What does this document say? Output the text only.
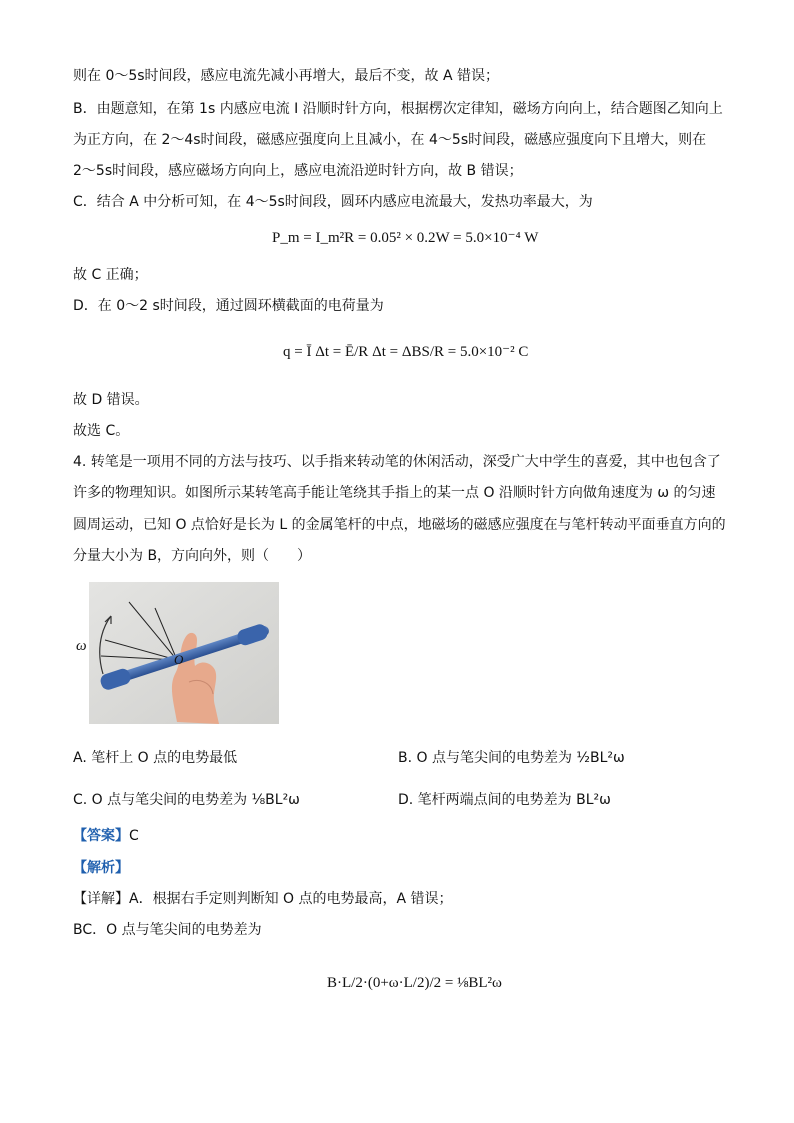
则在 0～5s时间段，感应电流先减小再增大，最后不变，故 A 错误；
B．由题意知，在第 1s 内感应电流 I 沿顺时针方向，根据楞次定律知，磁场方向向上，结合题图乙知向上
为正方向，在 2～4s时间段，磁感应强度向上且减小，在 4～5s时间段，磁感应强度向下且增大，则在
2～5s时间段，感应磁场方向向上，感应电流沿逆时针方向，故 B 错误；
C．结合 A 中分析可知，在 4～5s时间段，圆环内感应电流最大，发热功率最大，为
P_m = I_m²R = 0.05² × 0.2W = 5.0×10⁻⁴ W
故 C 正确；
D．在 0～2 s时间段，通过圆环横截面的电荷量为
q = Ī Δt = Ē/R Δt = ΔBS/R = 5.0×10⁻² C
故 D 错误。
故选 C。
4. 转笔是一项用不同的方法与技巧、以手指来转动笔的休闲活动，深受广大中学生的喜爱，其中也包含了
许多的物理知识。如图所示某转笔高手能让笔绕其手指上的某一点 O 沿顺时针方向做角速度为 ω 的匀速
圆周运动，已知 O 点恰好是长为 L 的金属笔杆的中点，地磁场的磁感应强度在与笔杆转动平面垂直方向的
分量大小为 B，方向向外，则（　　）
ω
O
A. 笔杆上 O 点的电势最低	B. O 点与笔尖间的电势差为 ½BL²ω
C. O 点与笔尖间的电势差为 ⅛BL²ω	D. 笔杆两端点间的电势差为 BL²ω
【答案】C
【解析】
【详解】A．根据右手定则判断知 O 点的电势最高，A 错误；
BC．O 点与笔尖间的电势差为
B·L/2·(0+ω·L/2)/2 = ⅛BL²ω
